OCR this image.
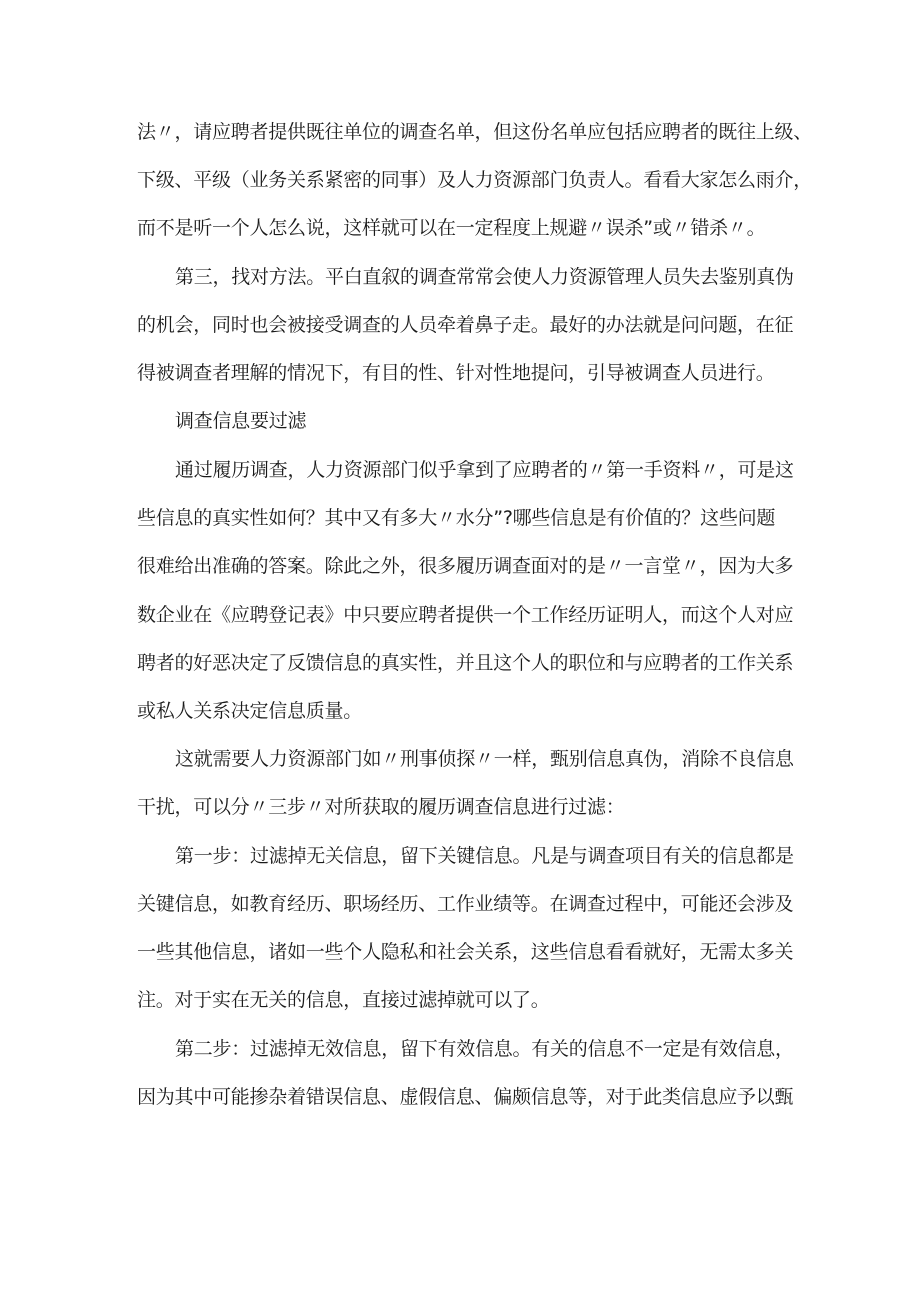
法〃，请应聘者提供既往单位的调查名单，但这份名单应包括应聘者的既往上级、
下级、平级（业务关系紧密的同事）及人力资源部门负责人。看看大家怎么雨介，
而不是听一个人怎么说，这样就可以在一定程度上规避〃误杀”或〃错杀〃。
第三，找对方法。平白直叙的调查常常会使人力资源管理人员失去鉴别真伪
的机会，同时也会被接受调查的人员牵着鼻子走。最好的办法就是问问题，在征
得被调查者理解的情况下，有目的性、针对性地提问，引导被调查人员进行。
调查信息要过滤
通过履历调查，人力资源部门似乎拿到了应聘者的〃第一手资料〃，可是这
些信息的真实性如何？其中又有多大〃水分”?哪些信息是有价值的？这些问题
很难给出准确的答案。除此之外，很多履历调查面对的是〃一言堂〃，因为大多
数企业在《应聘登记表》中只要应聘者提供一个工作经历证明人，而这个人对应
聘者的好恶决定了反馈信息的真实性，并且这个人的职位和与应聘者的工作关系
或私人关系决定信息质量。
这就需要人力资源部门如〃刑事侦探〃一样，甄别信息真伪，消除不良信息
干扰，可以分〃三步〃对所获取的履历调查信息进行过滤：
第一步：过滤掉无关信息，留下关键信息。凡是与调查项目有关的信息都是
关键信息，如教育经历、职场经历、工作业绩等。在调查过程中，可能还会涉及
一些其他信息，诸如一些个人隐私和社会关系，这些信息看看就好，无需太多关
注。对于实在无关的信息，直接过滤掉就可以了。
第二步：过滤掉无效信息，留下有效信息。有关的信息不一定是有效信息，
因为其中可能掺杂着错误信息、虚假信息、偏颇信息等，对于此类信息应予以甄
